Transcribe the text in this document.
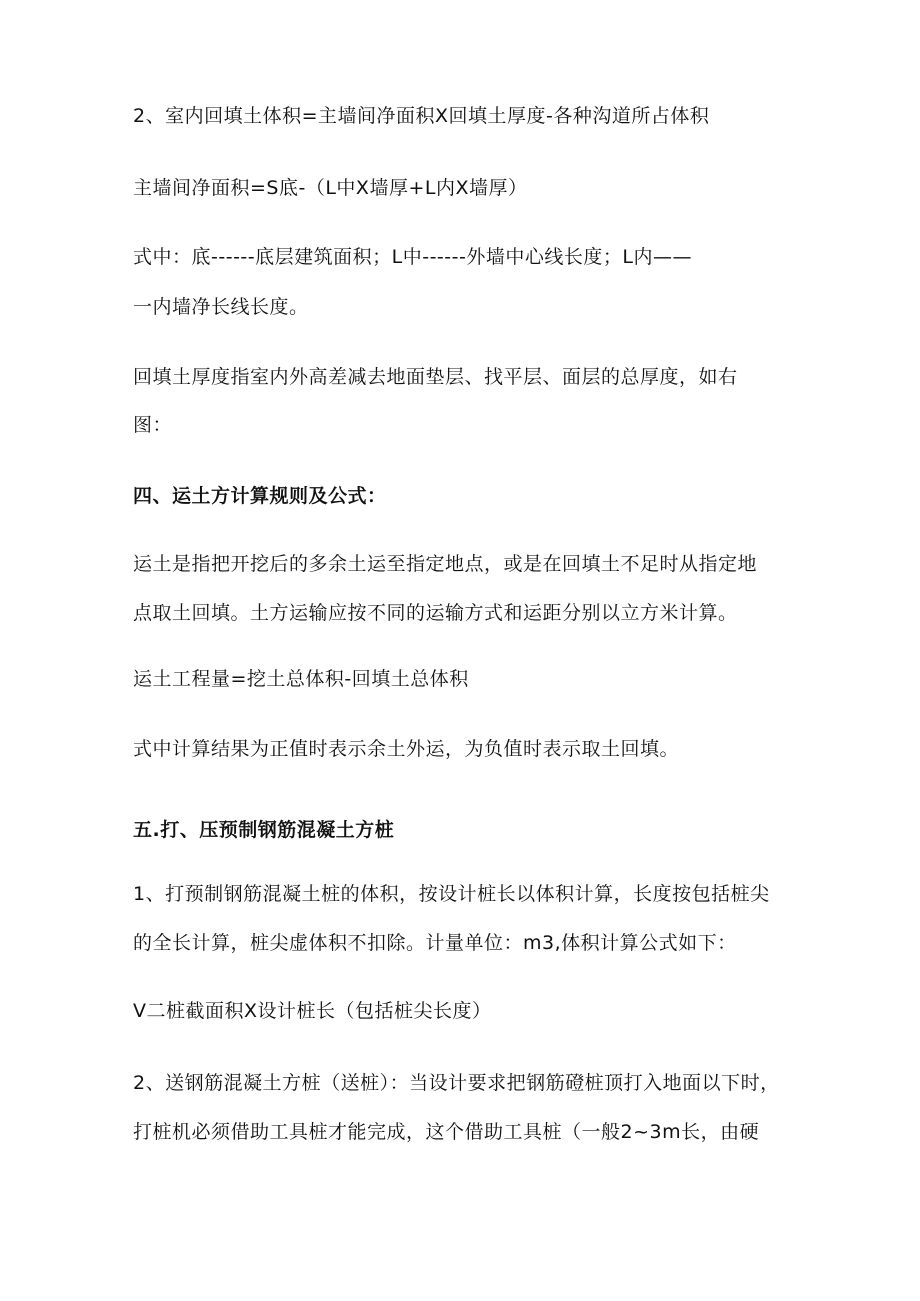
2、室内回填土体积=主墙间净面积X回填土厚度-各种沟道所占体积
主墙间净面积=S底-（L中X墙厚+L内X墙厚）
式中：底------底层建筑面积；L中------外墙中心线长度；L内——
一内墙净长线长度。
回填土厚度指室内外高差减去地面垫层、找平层、面层的总厚度，如右
图：
四、运土方计算规则及公式：
运土是指把开挖后的多余土运至指定地点，或是在回填土不足时从指定地
点取土回填。土方运输应按不同的运输方式和运距分别以立方米计算。
运土工程量=挖土总体积-回填土总体积
式中计算结果为正值时表示余土外运，为负值时表示取土回填。
五.打、压预制钢筋混凝土方桩
1、打预制钢筋混凝土桩的体积，按设计桩长以体积计算，长度按包括桩尖
的全长计算，桩尖虚体积不扣除。计量单位：m3,体积计算公式如下：
V二桩截面积X设计桩长（包括桩尖长度）
2、送钢筋混凝土方桩（送桩）：当设计要求把钢筋磴桩顶打入地面以下时，
打桩机必须借助工具桩才能完成，这个借助工具桩（一般2~3m长，由硬
